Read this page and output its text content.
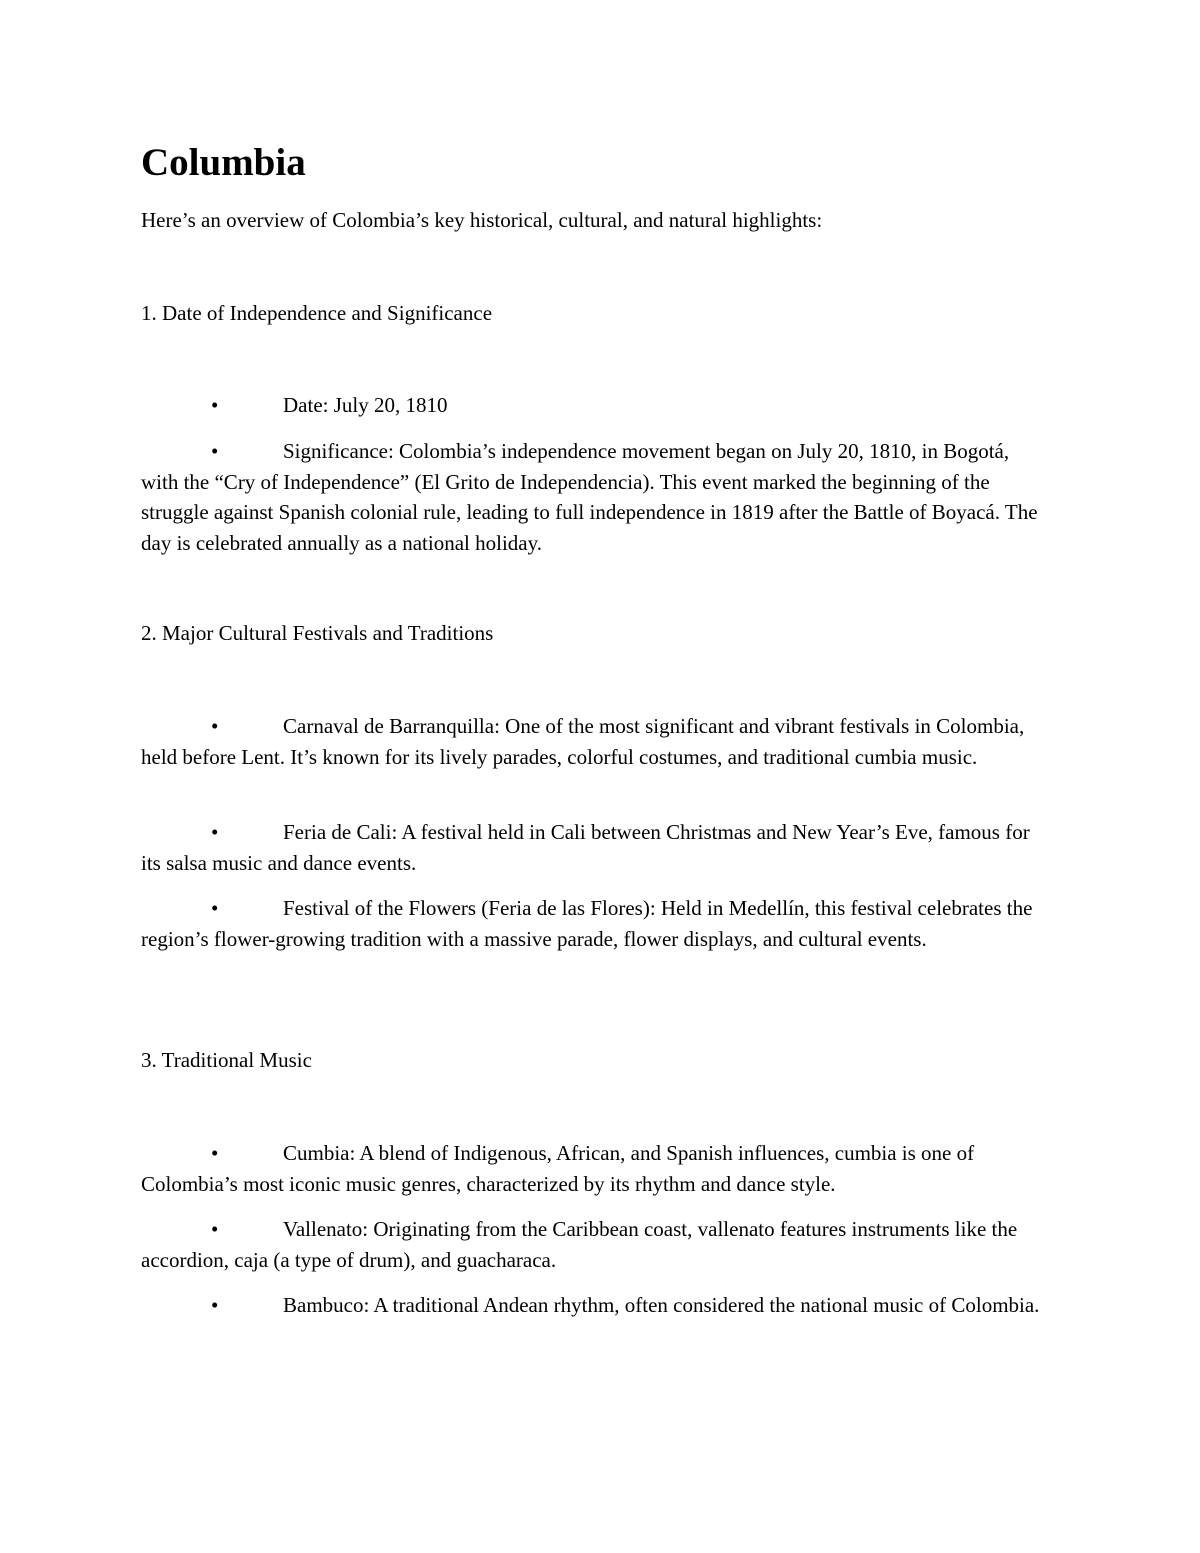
Columbia

Here’s an overview of Colombia’s key historical, cultural, and natural highlights:

1. Date of Independence and Significance

•	Date: July 20, 1810

•	Significance: Colombia’s independence movement began on July 20, 1810, in Bogotá, with the “Cry of Independence” (El Grito de Independencia). This event marked the beginning of the struggle against Spanish colonial rule, leading to full independence in 1819 after the Battle of Boyacá. The day is celebrated annually as a national holiday.

2. Major Cultural Festivals and Traditions

•	Carnaval de Barranquilla: One of the most significant and vibrant festivals in Colombia, held before Lent. It’s known for its lively parades, colorful costumes, and traditional cumbia music.

•	Feria de Cali: A festival held in Cali between Christmas and New Year’s Eve, famous for its salsa music and dance events.

•	Festival of the Flowers (Feria de las Flores): Held in Medellín, this festival celebrates the region’s flower-growing tradition with a massive parade, flower displays, and cultural events.

3. Traditional Music

•	Cumbia: A blend of Indigenous, African, and Spanish influences, cumbia is one of Colombia’s most iconic music genres, characterized by its rhythm and dance style.

•	Vallenato: Originating from the Caribbean coast, vallenato features instruments like the accordion, caja (a type of drum), and guacharaca.

•	Bambuco: A traditional Andean rhythm, often considered the national music of Colombia.
